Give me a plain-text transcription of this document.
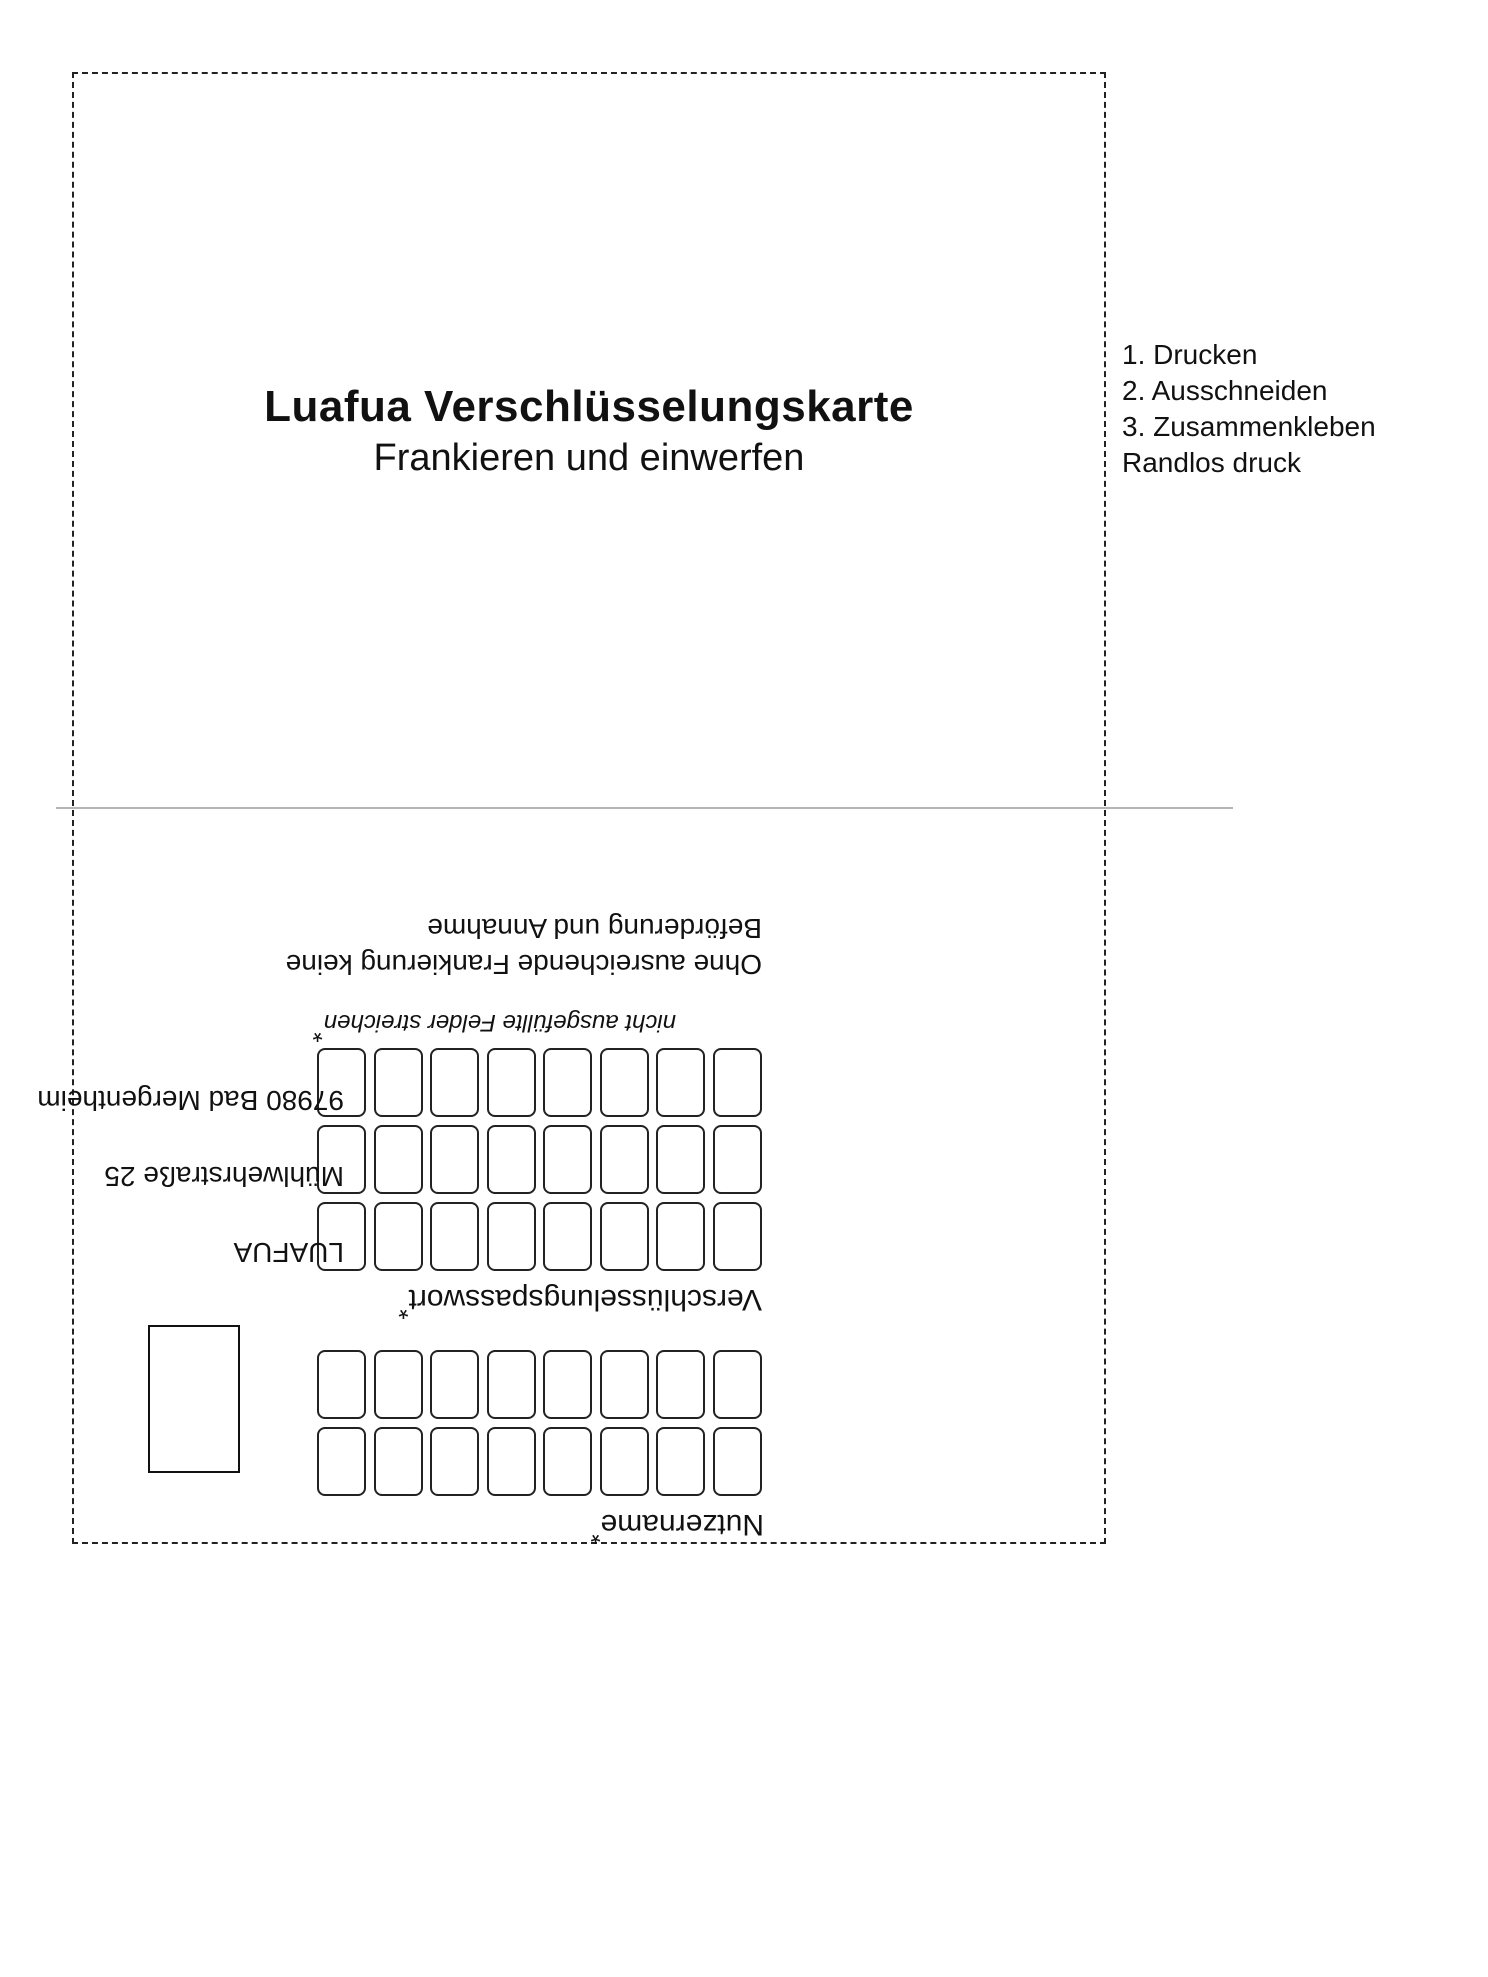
Luafua Verschlüsselungskarte
Frankieren und einwerfen
1. Drucken
2. Ausschneiden
3. Zusammenkleben
Randlos druck
Nutzername*
Verschlüsselungspasswort*
nicht ausgefüllte Felder streichen*
Ohne ausreichende Frankierung keine
Beförderung und Annahme
LUAFUA
Mühlwehrstraße 25
97980 Bad Mergentheim
